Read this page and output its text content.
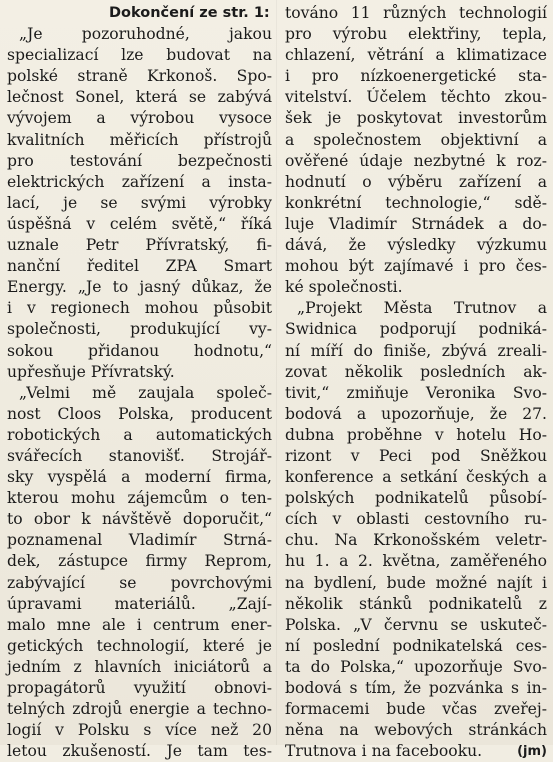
Dokončení ze str. 1:
„Je pozoruhodné, jakou
specializací lze budovat na
polské straně Krkonoš. Spo-
lečnost Sonel, která se zabývá
vývojem a výrobou vysoce
kvalitních měřicích přístrojů
pro testování bezpečnosti
elektrických zařízení a insta-
lací, je se svými výrobky
úspěšná v celém světě,“ říká
uznale Petr Přívratský, fi-
nanční ředitel ZPA Smart
Energy. „Je to jasný důkaz, že
i v regionech mohou působit
společnosti, produkující vy-
sokou přidanou hodnotu,“
upřesňuje Přívratský.
„Velmi mě zaujala společ-
nost Cloos Polska, producent
robotických a automatických
svářecích stanovišť. Strojář-
sky vyspělá a moderní firma,
kterou mohu zájemcům o ten-
to obor k návštěvě doporučit,“
poznamenal Vladimír Strná-
dek, zástupce firmy Reprom,
zabývající se povrchovými
úpravami materiálů. „Zají-
malo mne ale i centrum ener-
getických technologií, které je
jedním z hlavních iniciátorů a
propagátorů využití obnovi-
telných zdrojů energie a techno-
logií v Polsku s více než 20
letou zkušeností. Je tam tes-
továno 11 různých technologií
pro výrobu elektřiny, tepla,
chlazení, větrání a klimatizace
i pro nízkoenergetické sta-
vitelství. Účelem těchto zkou-
šek je poskytovat investorům
a společnostem objektivní a
ověřené údaje nezbytné k roz-
hodnutí o výběru zařízení a
konkrétní technologie,“ sdě-
luje Vladimír Strnádek a do-
dává, že výsledky výzkumu
mohou být zajímavé i pro čes-
ké společnosti.
„Projekt Města Trutnov a
Swidnica podporují podniká-
ní míří do finiše, zbývá zreali-
zovat několik posledních ak-
tivit,“ zmiňuje Veronika Svo-
bodová a upozorňuje, že 27.
dubna proběhne v hotelu Ho-
rizont v Peci pod Sněžkou
konference a setkání českých a
polských podnikatelů působí-
cích v oblasti cestovního ru-
chu. Na Krkonošském veletr-
hu 1. a 2. května, zaměřeného
na bydlení, bude možné najít i
několik stánků podnikatelů z
Polska. „V červnu se uskuteč-
ní poslední podnikatelská ces-
ta do Polska,“ upozorňuje Svo-
bodová s tím, že pozvánka s in-
formacemi bude včas zveřej-
něna na webových stránkách
Trutnova i na facebooku.	(jm)
